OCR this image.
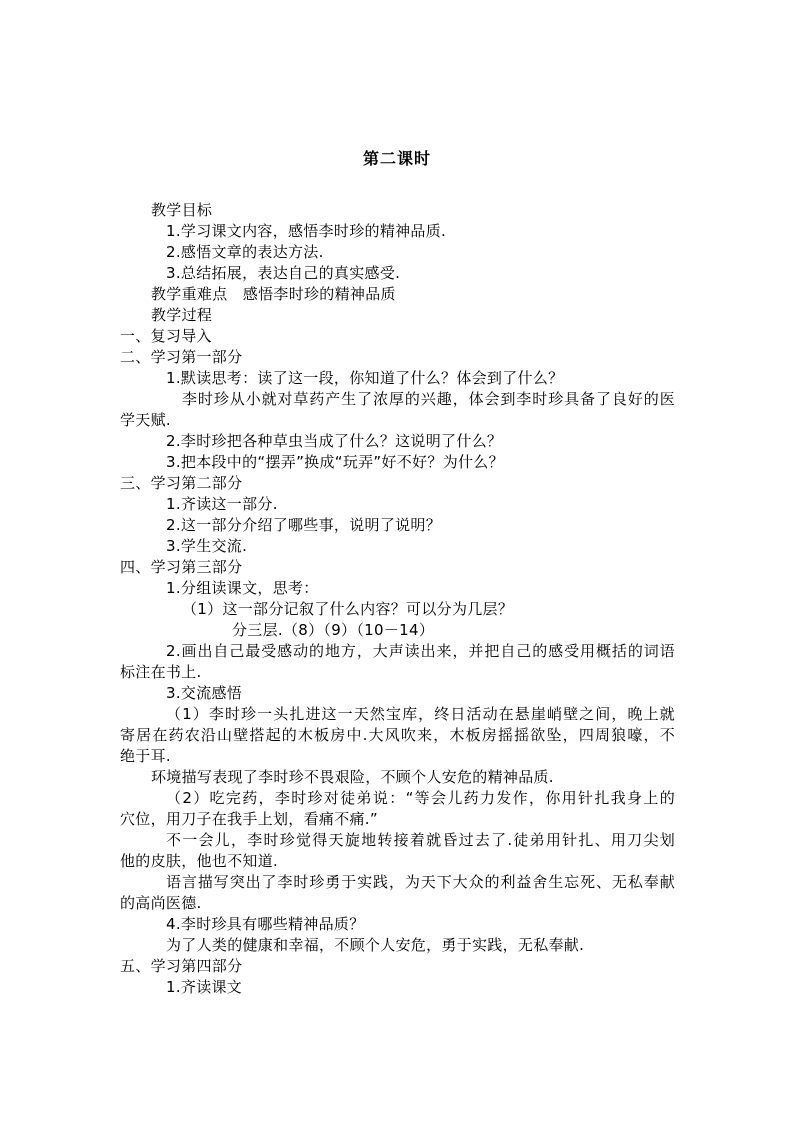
第二课时
教学目标
1.学习课文内容，感悟李时珍的精神品质.
2.感悟文章的表达方法.
3.总结拓展，表达自己的真实感受.
教学重难点　感悟李时珍的精神品质
教学过程
一、复习导入
二、学习第一部分
1.默读思考：读了这一段，你知道了什么？体会到了什么？
李时珍从小就对草药产生了浓厚的兴趣，体会到李时珍具备了良好的医
学天赋.
2.李时珍把各种草虫当成了什么？这说明了什么？
3.把本段中的“摆弄”换成“玩弄”好不好？为什么？
三、学习第二部分
1.齐读这一部分.
2.这一部分介绍了哪些事，说明了说明？
3.学生交流.
四、学习第三部分
1.分组读课文，思考：
（1）这一部分记叙了什么内容？可以分为几层？
分三层.（8）（9）（10－14）
2.画出自己最受感动的地方，大声读出来，并把自己的感受用概括的词语
标注在书上.
3.交流感悟
（1）李时珍一头扎进这一天然宝库，终日活动在悬崖峭壁之间，晚上就
寄居在药农沿山壁搭起的木板房中.大风吹来，木板房摇摇欲坠，四周狼嚎，不
绝于耳.
环境描写表现了李时珍不畏艰险，不顾个人安危的精神品质.
（2）吃完药，李时珍对徒弟说：“等会儿药力发作，你用针扎我身上的
穴位，用刀子在我手上划，看痛不痛.”
不一会儿，李时珍觉得天旋地转接着就昏过去了.徒弟用针扎、用刀尖划
他的皮肤，他也不知道.
语言描写突出了李时珍勇于实践，为天下大众的利益舍生忘死、无私奉献
的高尚医德.
4.李时珍具有哪些精神品质？
为了人类的健康和幸福，不顾个人安危，勇于实践，无私奉献.
五、学习第四部分
1.齐读课文
